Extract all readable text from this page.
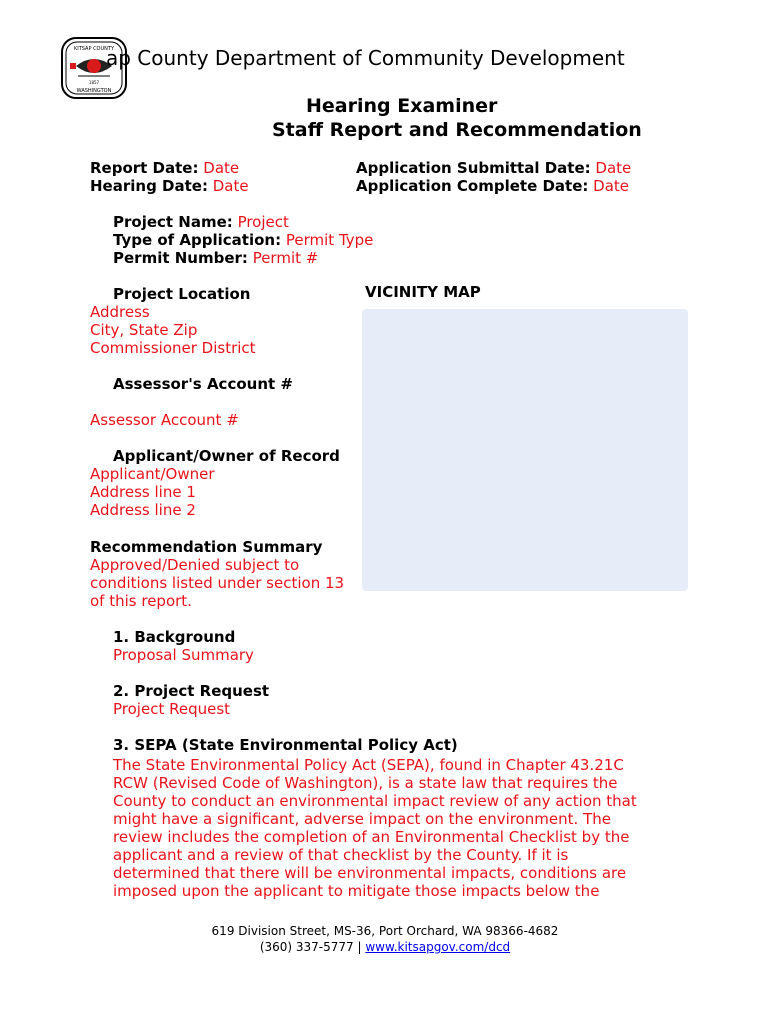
KITSAP COUNTY
1857
WASHINGTON
ap County Department of Community Development
Hearing Examiner
Staff Report and Recommendation
Report Date: Date
Hearing Date: Date
Application Submittal Date: Date
Application Complete Date: Date
Project Name: Project
Type of Application: Permit Type
Permit Number: Permit #
Project Location
Address
City, State Zip
Commissioner District
VICINITY MAP
Assessor's Account #
Assessor Account #
Applicant/Owner of Record
Applicant/Owner
Address line 1
Address line 2
Recommendation Summary
Approved/Denied subject to
conditions listed under section 13
of this report.
1. Background
Proposal Summary
2. Project Request
Project Request
3. SEPA (State Environmental Policy Act)
The State Environmental Policy Act (SEPA), found in Chapter 43.21C RCW (Revised Code of Washington), is a state law that requires the County to conduct an environmental impact review of any action that might have a significant, adverse impact on the environment. The review includes the completion of an Environmental Checklist by the applicant and a review of that checklist by the County. If it is determined that there will be environmental impacts, conditions are imposed upon the applicant to mitigate those impacts below the
619 Division Street, MS-36, Port Orchard, WA 98366-4682
(360) 337-5777 | www.kitsapgov.com/dcd
